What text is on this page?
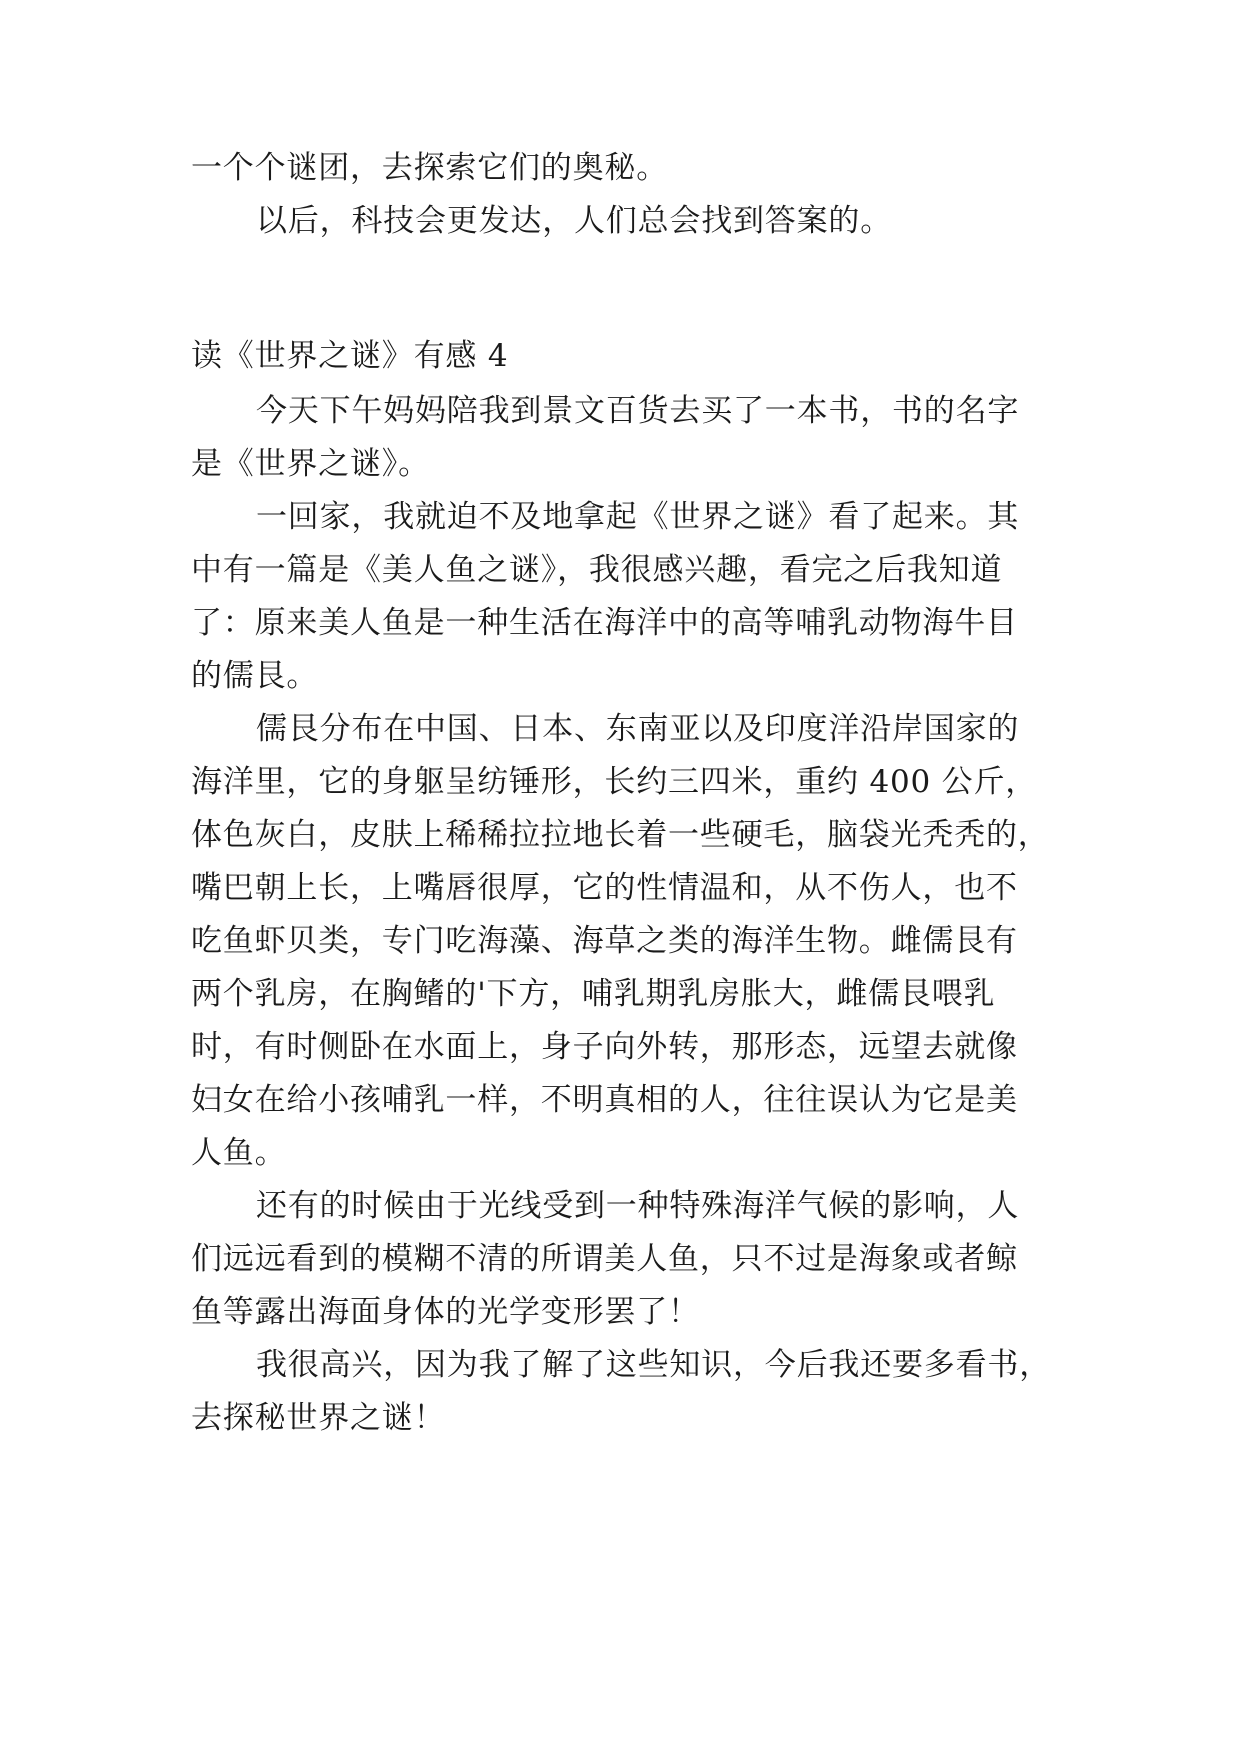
一个个谜团，去探索它们的奥秘。

以后，科技会更发达，人们总会找到答案的。

读《世界之谜》有感 4

今天下午妈妈陪我到景文百货去买了一本书，书的名字

是《世界之谜》。

一回家，我就迫不及地拿起《世界之谜》看了起来。其

中有一篇是《美人鱼之谜》，我很感兴趣，看完之后我知道

了：原来美人鱼是一种生活在海洋中的高等哺乳动物海牛目

的儒艮。

儒艮分布在中国、日本、东南亚以及印度洋沿岸国家的

海洋里，它的身躯呈纺锤形，长约三四米，重约 400 公斤，

体色灰白，皮肤上稀稀拉拉地长着一些硬毛，脑袋光秃秃的，

嘴巴朝上长，上嘴唇很厚，它的性情温和，从不伤人，也不

吃鱼虾贝类，专门吃海藻、海草之类的海洋生物。雌儒艮有

两个乳房，在胸鳍的'下方，哺乳期乳房胀大，雌儒艮喂乳

时，有时侧卧在水面上，身子向外转，那形态，远望去就像

妇女在给小孩哺乳一样，不明真相的人，往往误认为它是美

人鱼。

还有的时候由于光线受到一种特殊海洋气候的影响，人

们远远看到的模糊不清的所谓美人鱼，只不过是海象或者鲸

鱼等露出海面身体的光学变形罢了！

我很高兴，因为我了解了这些知识，今后我还要多看书，

去探秘世界之谜！
